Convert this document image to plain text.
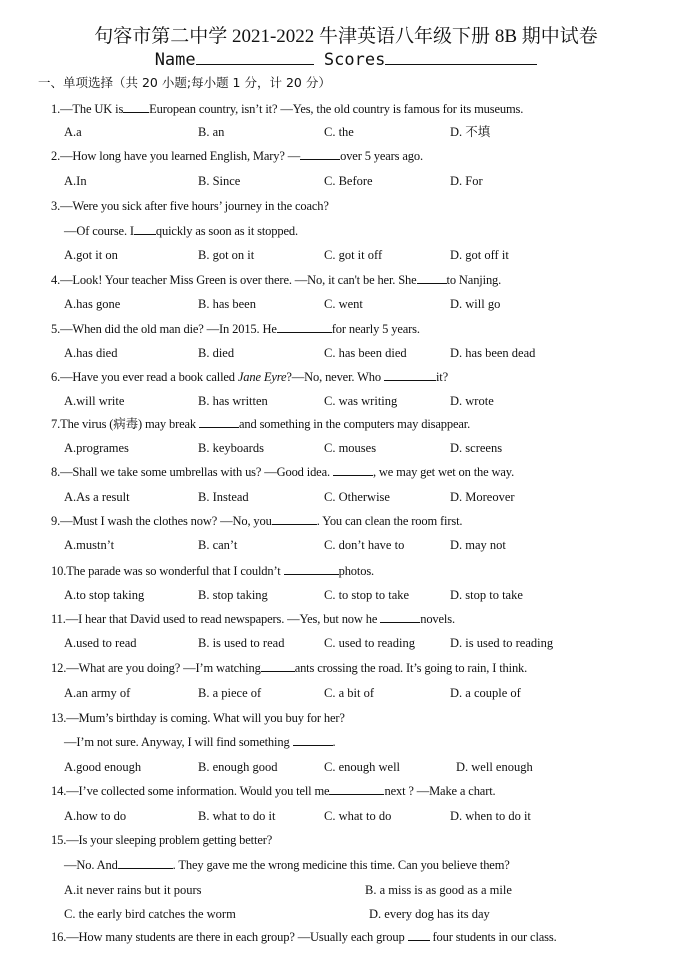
句容市第二中学 2021-2022 牛津英语八年级下册 8B 期中试卷
Name	Scores
一、单项选择（共 20 小题;每小题 1 分，计 20 分）
1.—The UK is European country, isn’t it? —Yes, the old country is famous for its museums.
A.a	B. an	C. the	D. 不填
2.—How long have you learned English, Mary? —	over 5 years ago.
A.In	B. Since	C. Before	D. For
3.—Were you sick after five hours’ journey in the coach?
—Of course. I quickly as soon as it stopped.
A.got it on	B. got on it	C. got it off	D. got off it
4.—Look! Your teacher Miss Green is over there. —No, it can't be her. She to Nanjing.
A.has gone	B. has been	C. went	D. will go
5.—When did the old man die? —In 2015. He	for nearly 5 years.
A.has died	B. died	C. has been died	D. has been dead
6.—Have you ever read a book called Jane Eyre?—No, never. Who	it?
A.will write	B. has written	C. was writing	D. wrote
7.The virus (病毒) may break	and something in the computers may disappear.
A.programes	B. keyboards	C. mouses	D. screens
8.—Shall we take some umbrellas with us? —Good idea.	, we may get wet on the way.
A.As a result	B. Instead	C. Otherwise	D. Moreover
9.—Must I wash the clothes now? —No, you	. You can clean the room first.
A.mustn’t	B. can’t	C. don’t have to	D. may not
10.The parade was so wonderful that I couldn’t	photos.
A.to stop taking	B. stop taking	C. to stop to take	D. stop to take
11.—I hear that David used to read newspapers. —Yes, but now he	novels.
A.used to read	B. is used to read	C. used to reading	D. is used to reading
12.—What are you doing? —I’m watching	ants crossing the road. It’s going to rain, I think.
A.an army of	B. a piece of	C. a bit of	D. a couple of
13.—Mum’s birthday is coming. What will you buy for her?
—I’m not sure. Anyway, I will find something	.
A.good enough	B. enough good	C. enough well	D. well enough
14.—I’ve collected some information. Would you tell me	next ? —Make a chart.
A.how to do	B. what to do it	C. what to do	D. when to do it
15.—Is your sleeping problem getting better?
—No. And	. They gave me the wrong medicine this time. Can you believe them?
A.it never rains but it pours	B. a miss is as good as a mile
C. the early bird catches the worm	D. every dog has its day
16.—How many students are there in each group? —Usually each group  four students in our class.
